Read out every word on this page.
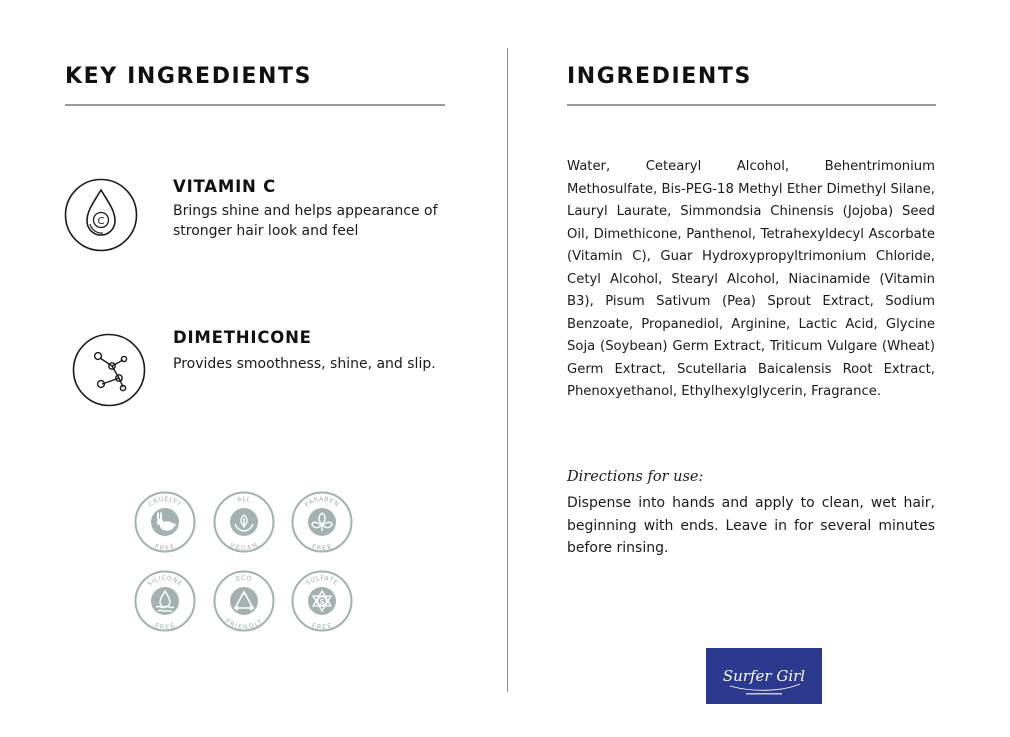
KEY INGREDIENTS
C
VITAMIN C

Brings shine and helps appearance of stronger hair look and feel

DIMETHICONE

Provides smoothness, shine, and slip.

CRUELTY
FREE
ALL
VEGAN
PARABEN
FREE
SILICONE
FREE
ECO
FRIENDLY
SULFATE
FREE
S
INGREDIENTS

Water, Cetearyl Alcohol, Behentrimonium Methosulfate, Bis-PEG-18 Methyl Ether Dimethyl Silane, Lauryl Laurate, Simmondsia Chinensis (Jojoba) Seed Oil, Dimethicone, Panthenol, Tetrahexyldecyl Ascorbate (Vitamin C), Guar Hydroxypropyltrimonium Chloride, Cetyl Alcohol, Stearyl Alcohol, Niacinamide (Vitamin B3), Pisum Sativum (Pea) Sprout Extract, Sodium Benzoate, Propanediol, Arginine, Lactic Acid, Glycine Soja (Soybean) Germ Extract, Triticum Vulgare (Wheat) Germ Extract, Scutellaria Baicalensis Root Extract, Phenoxyethanol, Ethylhexylglycerin, Fragrance.

Directions for use:

Dispense into hands and apply to clean, wet hair, beginning with ends. Leave in for several minutes before rinsing.

Surfer Girl
